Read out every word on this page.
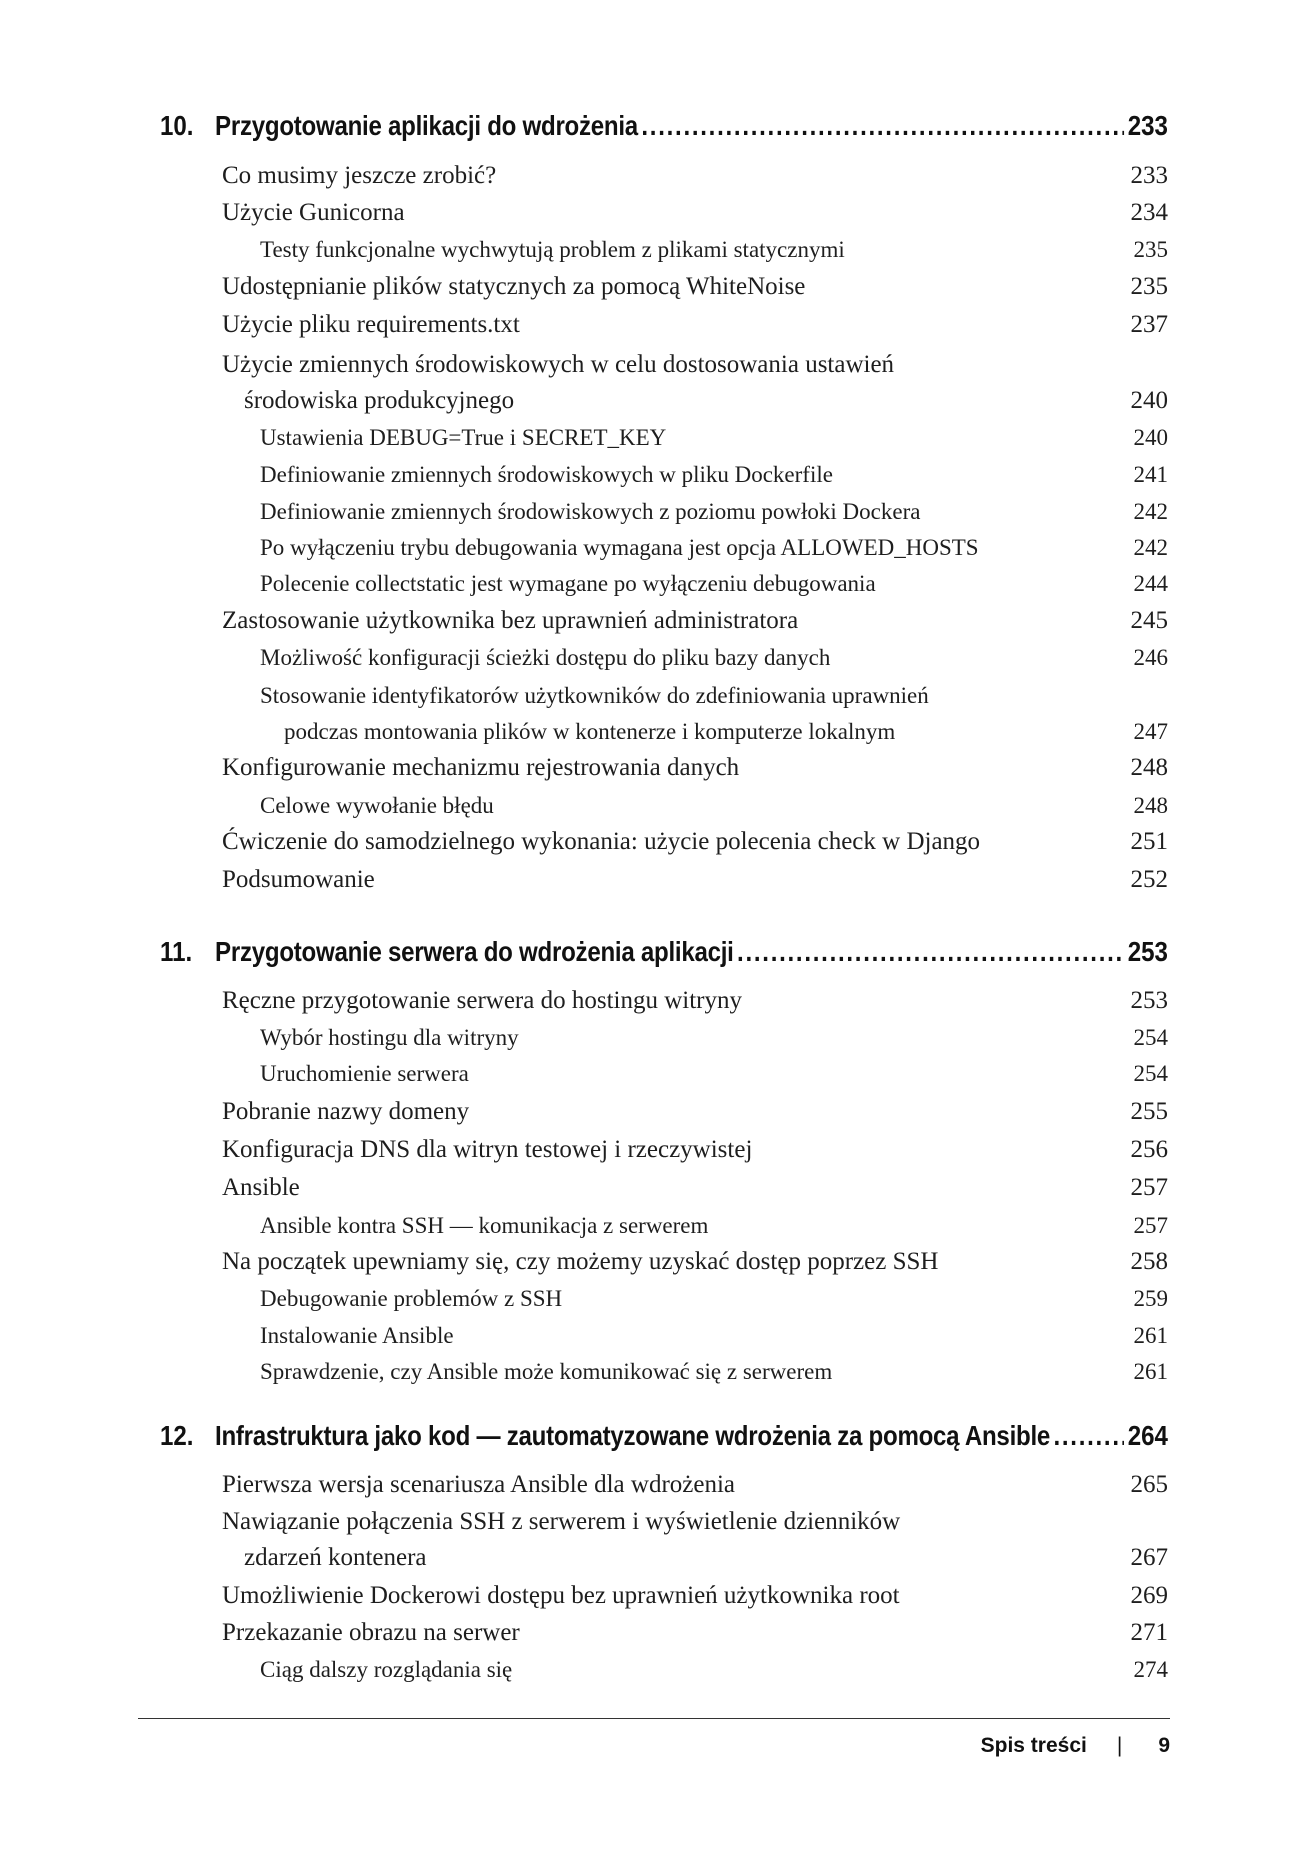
10. Przygotowanie aplikacji do wdrożenia .....	233
Co musimy jeszcze zrobić?	233
Użycie Gunicorna	234
Testy funkcjonalne wychwytują problem z plikami statycznymi	235
Udostępnianie plików statycznych za pomocą WhiteNoise	235
Użycie pliku requirements.txt	237
Użycie zmiennych środowiskowych w celu dostosowania ustawień
środowiska produkcyjnego	240
Ustawienia DEBUG=True i SECRET_KEY	240
Definiowanie zmiennych środowiskowych w pliku Dockerfile	241
Definiowanie zmiennych środowiskowych z poziomu powłoki Dockera	242
Po wyłączeniu trybu debugowania wymagana jest opcja ALLOWED_HOSTS	242
Polecenie collectstatic jest wymagane po wyłączeniu debugowania	244
Zastosowanie użytkownika bez uprawnień administratora	245
Możliwość konfiguracji ścieżki dostępu do pliku bazy danych	246
Stosowanie identyfikatorów użytkowników do zdefiniowania uprawnień
podczas montowania plików w kontenerze i komputerze lokalnym	247
Konfigurowanie mechanizmu rejestrowania danych	248
Celowe wywołanie błędu	248
Ćwiczenie do samodzielnego wykonania: użycie polecenia check w Django	251
Podsumowanie	252
11. Przygotowanie serwera do wdrożenia aplikacji .....	253
Ręczne przygotowanie serwera do hostingu witryny	253
Wybór hostingu dla witryny	254
Uruchomienie serwera	254
Pobranie nazwy domeny	255
Konfiguracja DNS dla witryn testowej i rzeczywistej	256
Ansible	257
Ansible kontra SSH — komunikacja z serwerem	257
Na początek upewniamy się, czy możemy uzyskać dostęp poprzez SSH	258
Debugowanie problemów z SSH	259
Instalowanie Ansible	261
Sprawdzenie, czy Ansible może komunikować się z serwerem	261
12. Infrastruktura jako kod — zautomatyzowane wdrożenia za pomocą Ansible .....	264
Pierwsza wersja scenariusza Ansible dla wdrożenia	265
Nawiązanie połączenia SSH z serwerem i wyświetlenie dzienników
zdarzeń kontenera	267
Umożliwienie Dockerowi dostępu bez uprawnień użytkownika root	269
Przekazanie obrazu na serwer	271
Ciąg dalszy rozglądania się	274
Spis treści | 9
